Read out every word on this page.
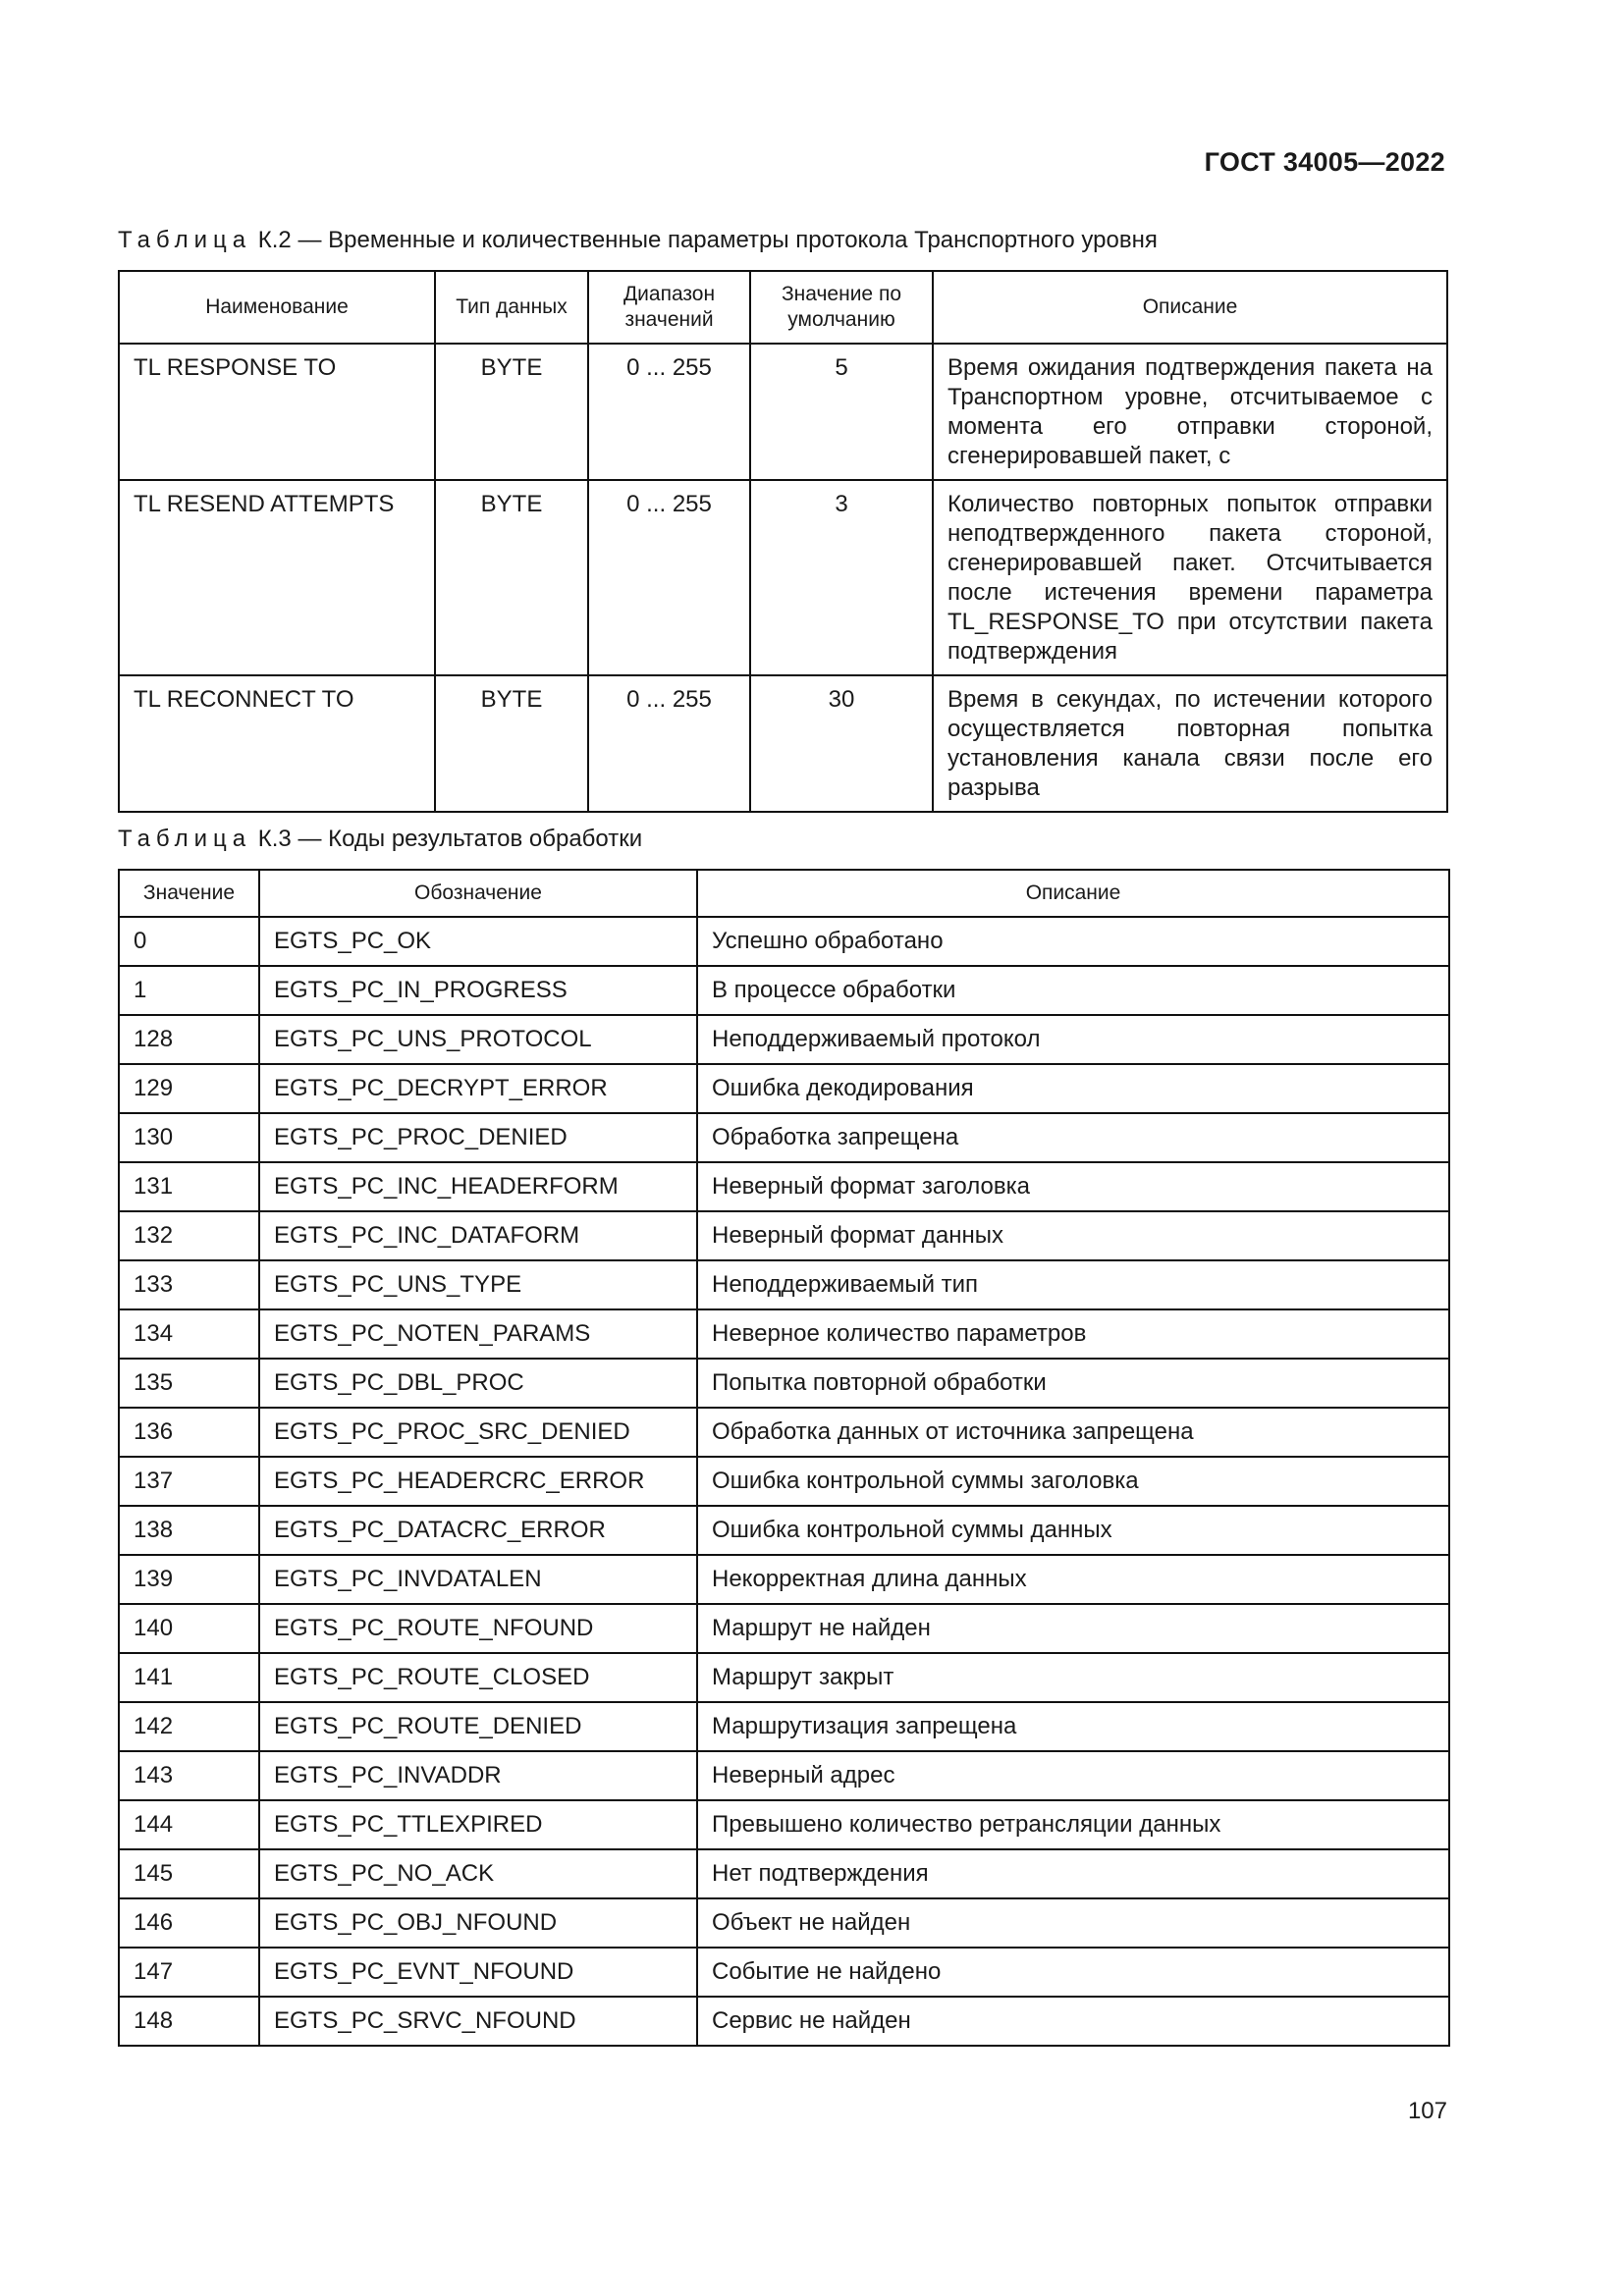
ГОСТ 34005—2022
Таблица К.2 — Временные и количественные параметры протокола Транспортного уровня
Наименование	Тип данных	Диапазон значений	Значение по умолчанию	Описание
TL RESPONSE TO	BYTE	0 ... 255	5	Время ожидания подтверждения пакета на Транспортном уровне, отсчитываемое с момента его отправки стороной, сгенерировавшей пакет, с
TL RESEND ATTEMPTS	BYTE	0 ... 255	3	Количество повторных попыток отправки неподтвержденного пакета стороной, сгенерировавшей пакет. Отсчитывается после истечения времени параметра TL_RESPONSE_TO при отсутствии пакета подтверждения
TL RECONNECT TO	BYTE	0 ... 255	30	Время в секундах, по истечении которого осуществляется повторная попытка установления канала связи после его разрыва
Таблица К.3 — Коды результатов обработки
Значение	Обозначение	Описание
0	EGTS_PC_OK	Успешно обработано
1	EGTS_PC_IN_PROGRESS	В процессе обработки
128	EGTS_PC_UNS_PROTOCOL	Неподдерживаемый протокол
129	EGTS_PC_DECRYPT_ERROR	Ошибка декодирования
130	EGTS_PC_PROC_DENIED	Обработка запрещена
131	EGTS_PC_INC_HEADERFORM	Неверный формат заголовка
132	EGTS_PC_INC_DATAFORM	Неверный формат данных
133	EGTS_PC_UNS_TYPE	Неподдерживаемый тип
134	EGTS_PC_NOTEN_PARAMS	Неверное количество параметров
135	EGTS_PC_DBL_PROC	Попытка повторной обработки
136	EGTS_PC_PROC_SRC_DENIED	Обработка данных от источника запрещена
137	EGTS_PC_HEADERCRC_ERROR	Ошибка контрольной суммы заголовка
138	EGTS_PC_DATACRC_ERROR	Ошибка контрольной суммы данных
139	EGTS_PC_INVDATALEN	Некорректная длина данных
140	EGTS_PC_ROUTE_NFOUND	Маршрут не найден
141	EGTS_PC_ROUTE_CLOSED	Маршрут закрыт
142	EGTS_PC_ROUTE_DENIED	Маршрутизация запрещена
143	EGTS_PC_INVADDR	Неверный адрес
144	EGTS_PC_TTLEXPIRED	Превышено количество ретрансляции данных
145	EGTS_PC_NO_ACK	Нет подтверждения
146	EGTS_PC_OBJ_NFOUND	Объект не найден
147	EGTS_PC_EVNT_NFOUND	Событие не найдено
148	EGTS_PC_SRVC_NFOUND	Сервис не найден
107
